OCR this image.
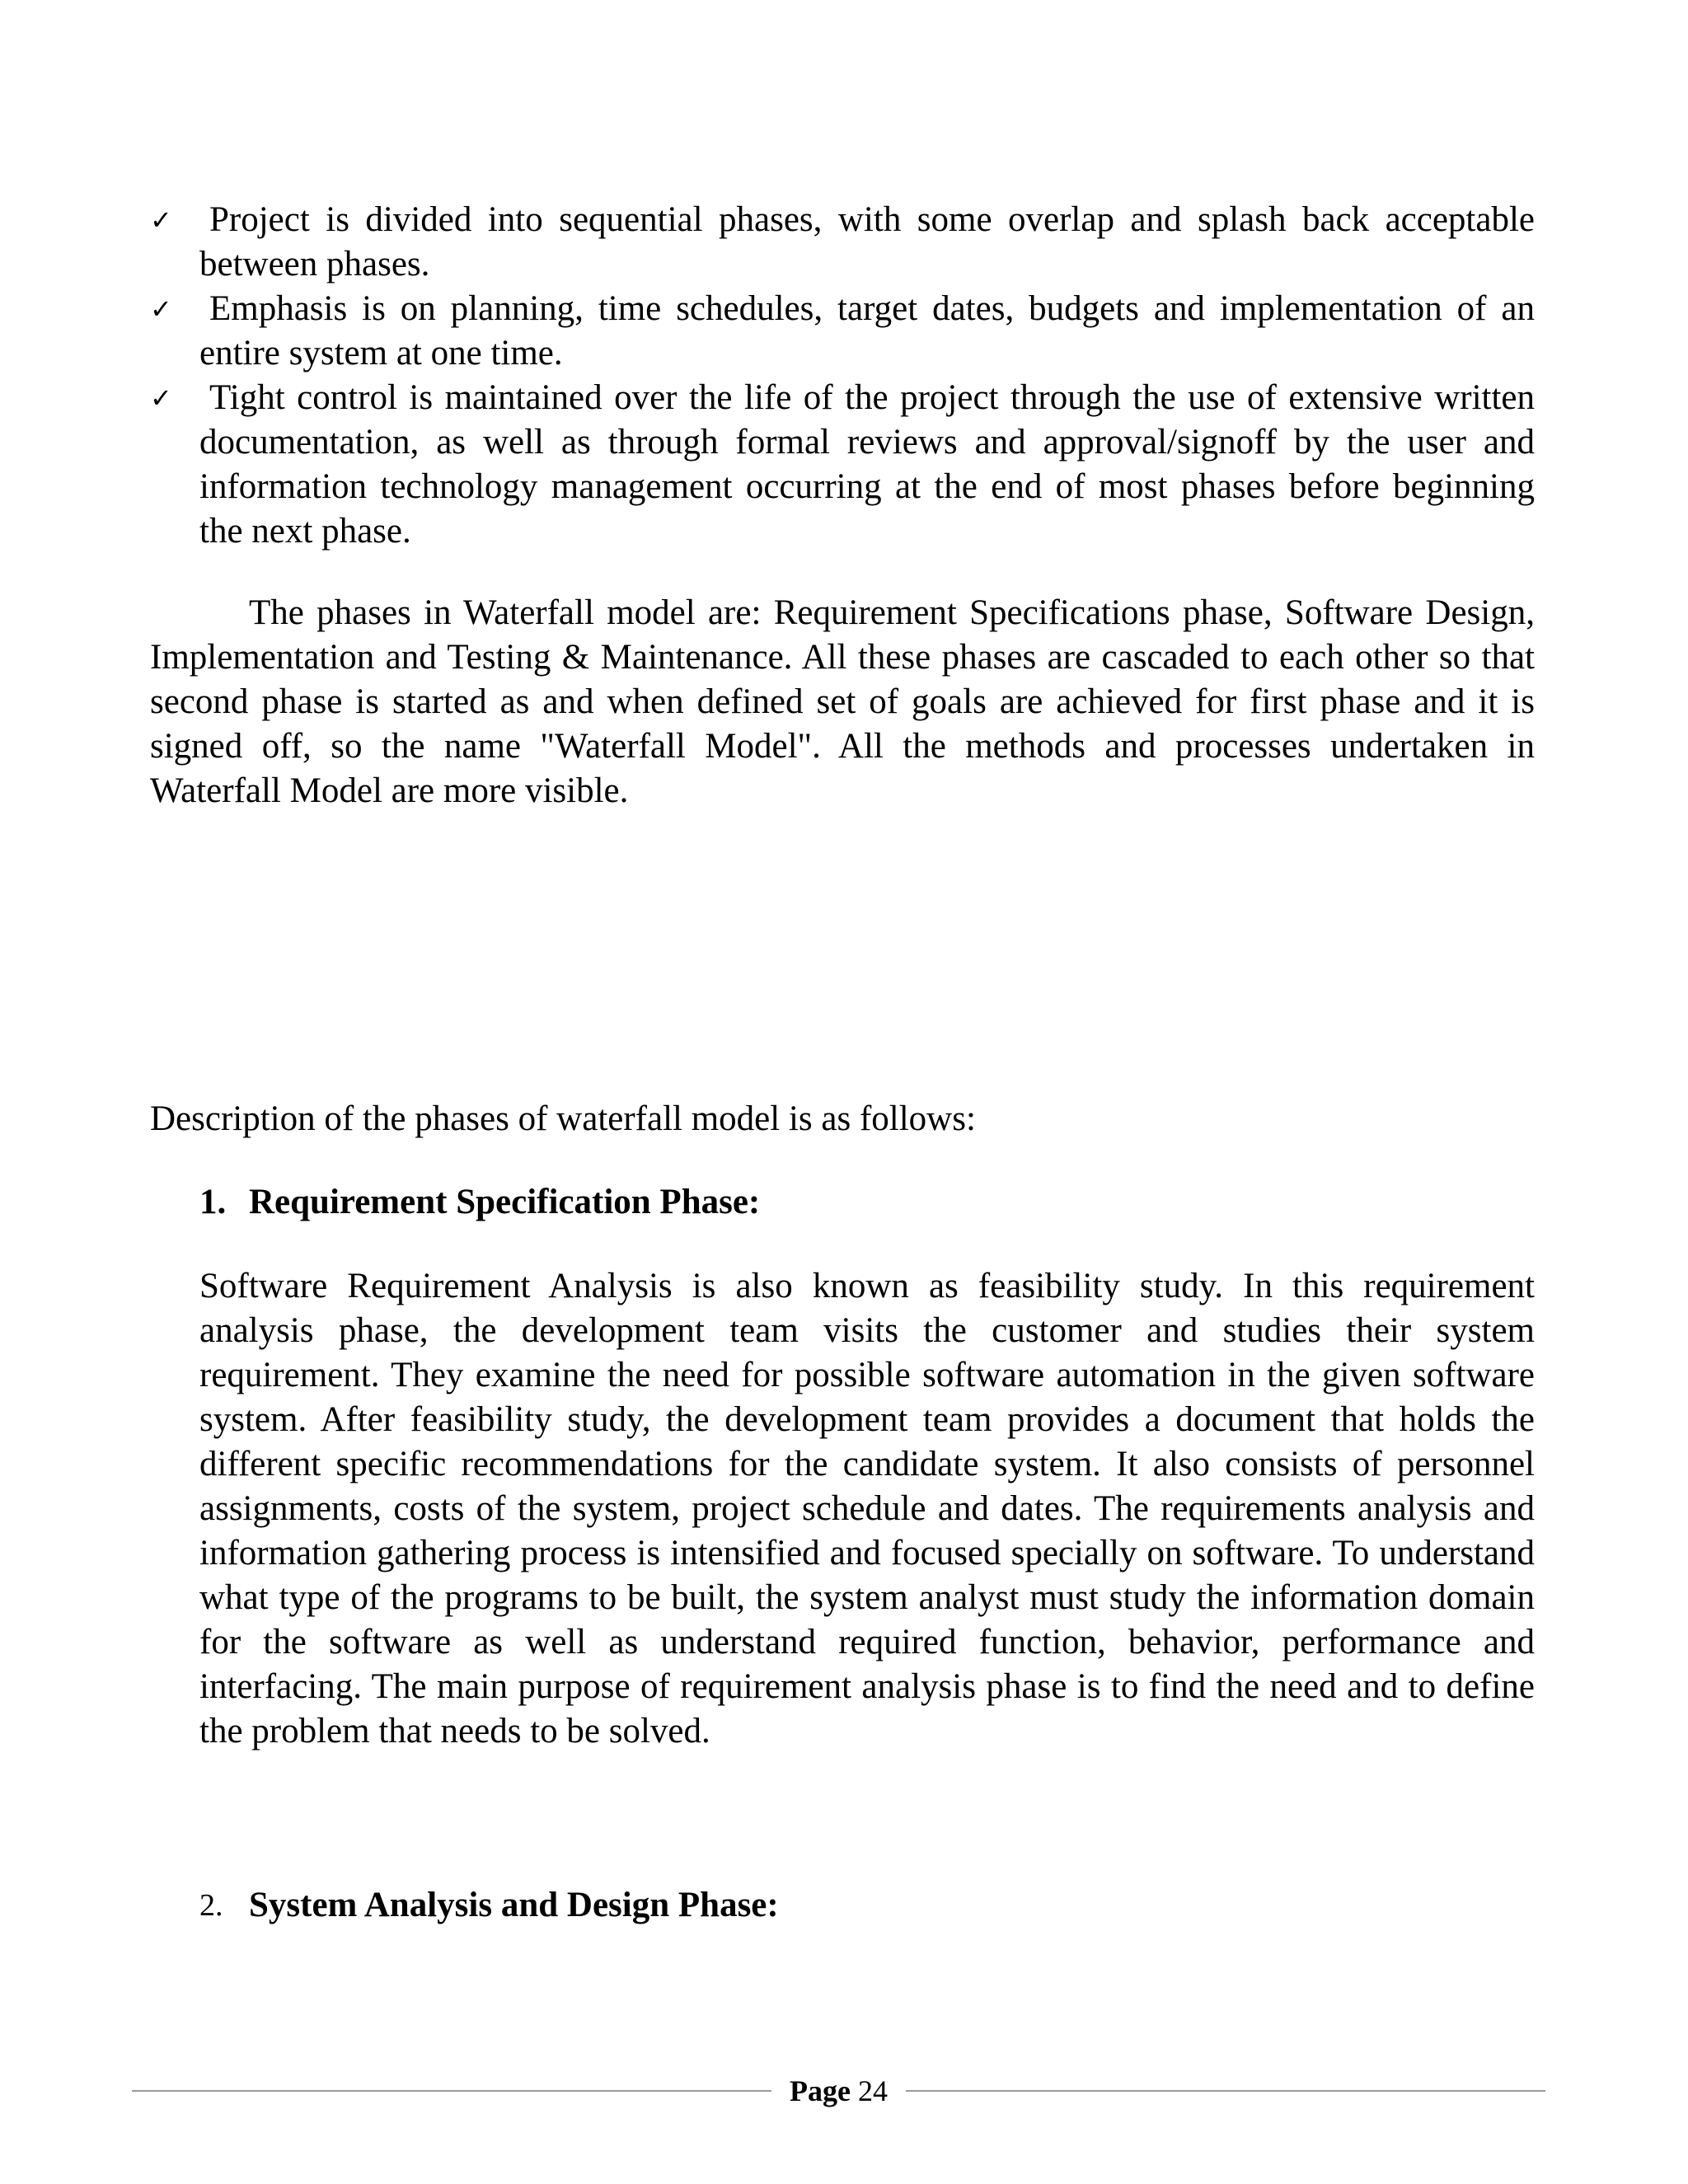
✓ Project is divided into sequential phases, with some overlap and splash back acceptable between phases.
✓ Emphasis is on planning, time schedules, target dates, budgets and implementation of an entire system at one time.
✓ Tight control is maintained over the life of the project through the use of extensive written documentation, as well as through formal reviews and approval/signoff by the user and information technology management occurring at the end of most phases before beginning the next phase.

The phases in Waterfall model are: Requirement Specifications phase, Software Design, Implementation and Testing & Maintenance. All these phases are cascaded to each other so that second phase is started as and when defined set of goals are achieved for first phase and it is signed off, so the name "Waterfall Model". All the methods and processes undertaken in Waterfall Model are more visible.

Description of the phases of waterfall model is as follows:

1. Requirement Specification Phase:

Software Requirement Analysis is also known as feasibility study. In this requirement analysis phase, the development team visits the customer and studies their system requirement. They examine the need for possible software automation in the given software system. After feasibility study, the development team provides a document that holds the different specific recommendations for the candidate system. It also consists of personnel assignments, costs of the system, project schedule and dates. The requirements analysis and information gathering process is intensified and focused specially on software. To understand what type of the programs to be built, the system analyst must study the information domain for the software as well as understand required function, behavior, performance and interfacing. The main purpose of requirement analysis phase is to find the need and to define the problem that needs to be solved.

2. System Analysis and Design Phase:
Page 24
